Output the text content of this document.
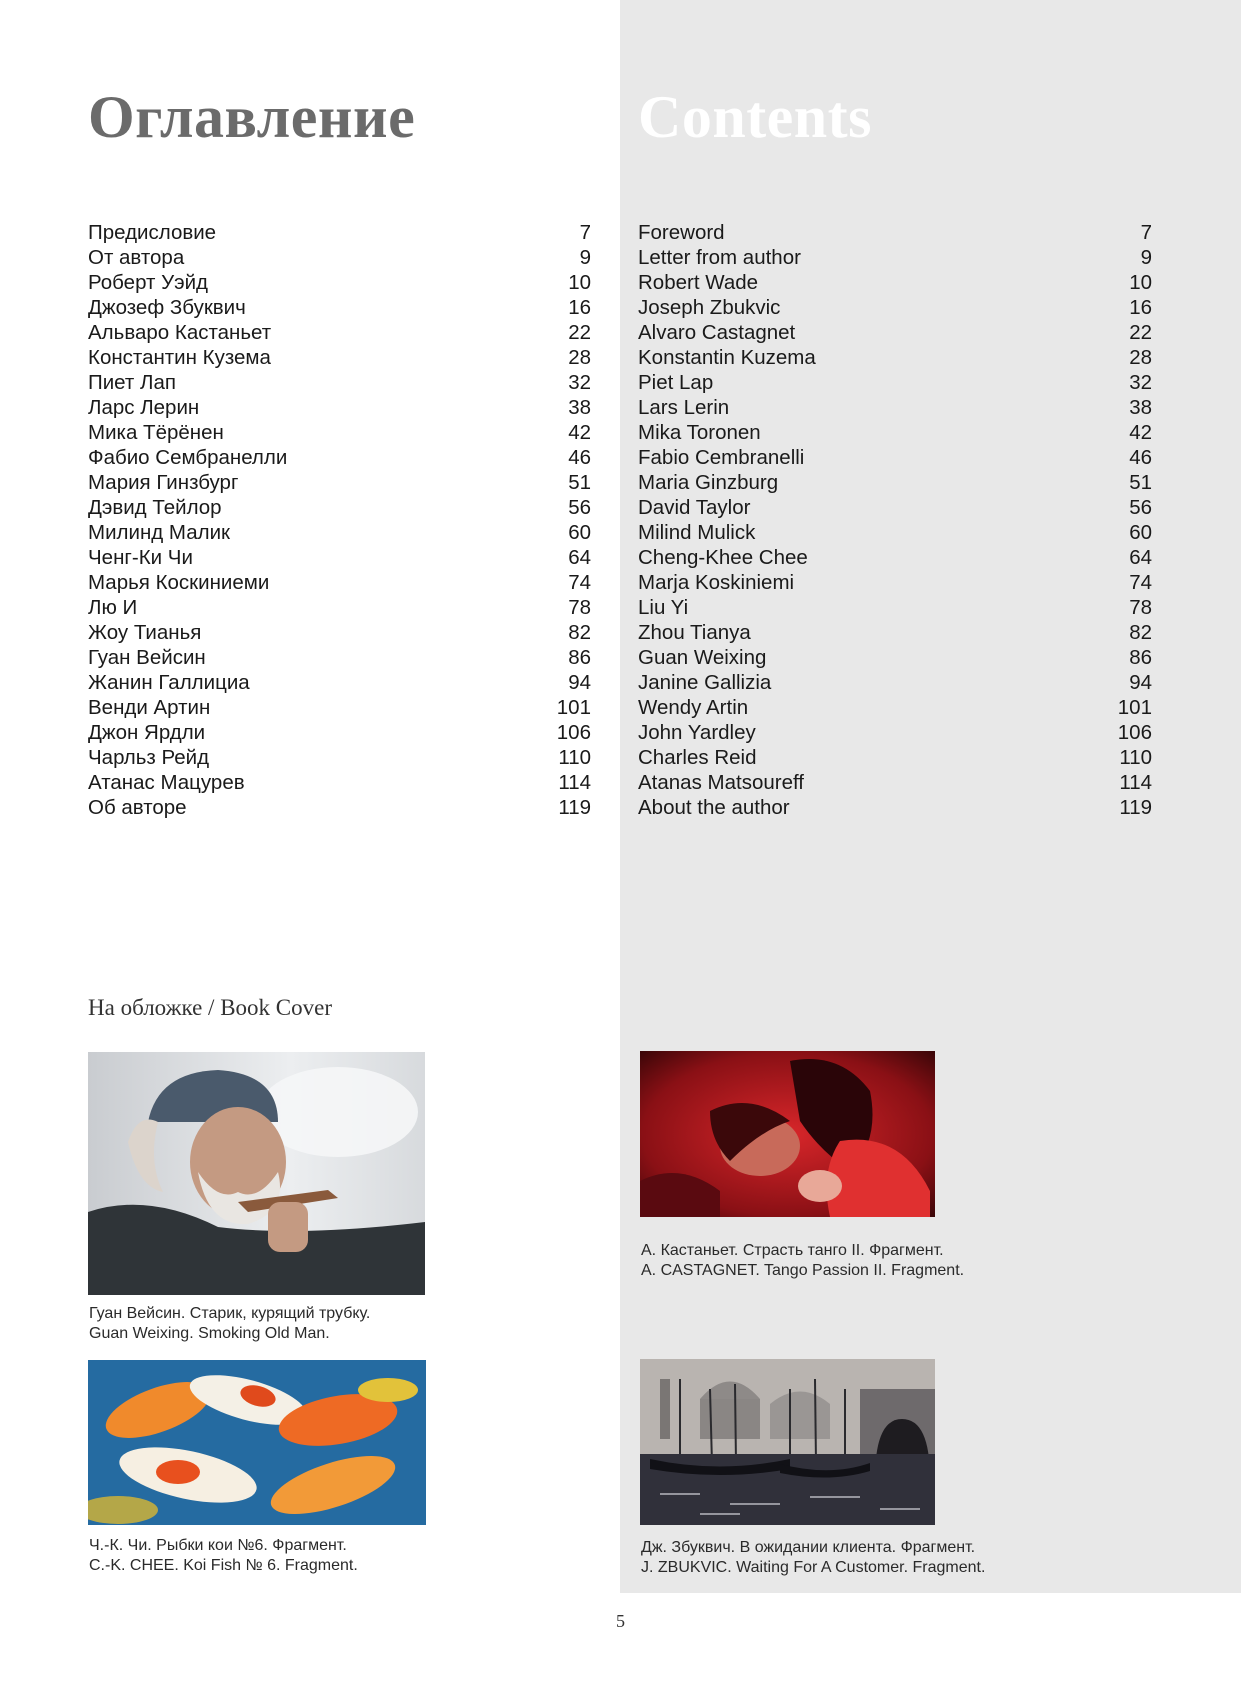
Оглавление	Contents
Предисловие	7
От автора	9
Роберт Уэйд	10
Джозеф Збуквич	16
Альваро Кастаньет	22
Константин Кузема	28
Пиет Лап	32
Ларс Лерин	38
Мика Тёрёнен	42
Фабио Сембранелли	46
Мария Гинзбург	51
Дэвид Тейлор	56
Милинд Малик	60
Ченг-Ки Чи	64
Марья Коскиниеми	74
Лю И	78
Жоу Тианья	82
Гуан Вейсин	86
Жанин Галлициа	94
Венди Артин	101
Джон Ярдли	106
Чарльз Рейд	110
Атанас Мацурев	114
Об авторе	119
Foreword	7
Letter from author	9
Robert Wade	10
Joseph Zbukvic	16
Alvaro Castagnet	22
Konstantin Kuzema	28
Piet Lap	32
Lars Lerin	38
Mika Toronen	42
Fabio Cembranelli	46
Maria Ginzburg	51
David Taylor	56
Milind Mulick	60
Cheng-Khee Chee	64
Marja Koskiniemi	74
Liu Yi	78
Zhou Tianya	82
Guan Weixing	86
Janine Gallizia	94
Wendy Artin	101
John Yardley	106
Charles Reid	110
Atanas Matsoureff	114
About the author	119
На обложке / Book Cover
Гуан Вейсин. Старик, курящий трубку.
Guan Weixing. Smoking Old Man.
Ч.-К. Чи. Рыбки кои №6. Фрагмент.
C.-K. CHEE. Koi Fish № 6. Fragment.
А. Кастаньет. Страсть танго II. Фрагмент.
A. CASTAGNET. Tango Passion II. Fragment.
Дж. Збуквич. В ожидании клиента. Фрагмент.
J. ZBUKVIC. Waiting For A Customer. Fragment.
5
